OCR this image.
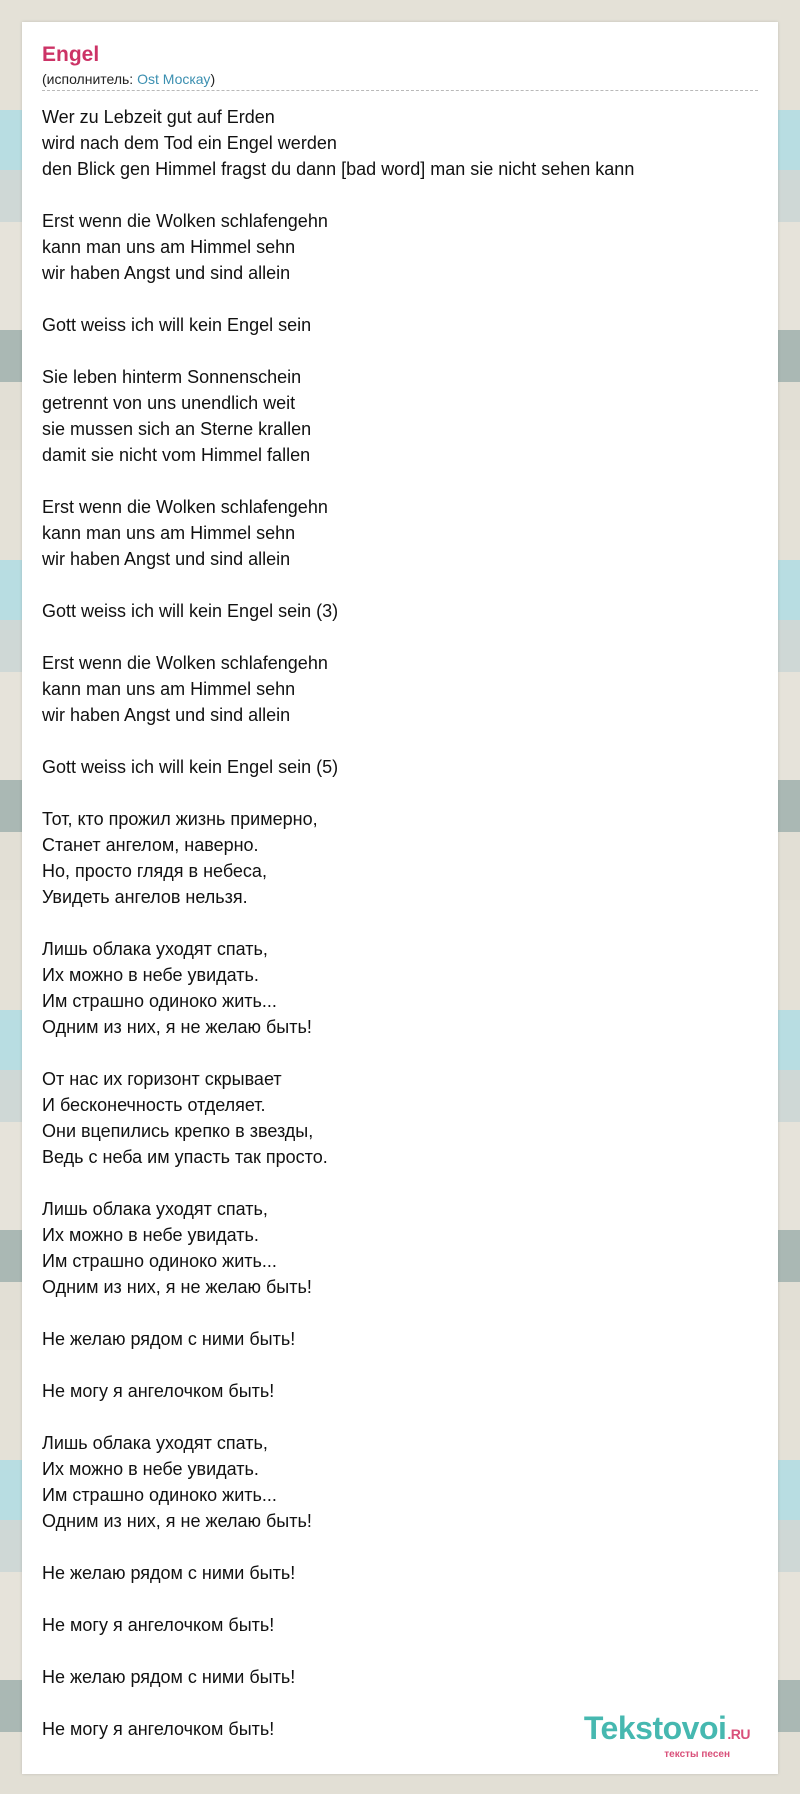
Engel
(исполнитель: Ost Москау)
Wer zu Lebzeit gut auf Erden
wird nach dem Tod ein Engel werden
den Blick gen Himmel fragst du dann [bad word] man sie nicht sehen kann

Erst wenn die Wolken schlafengehn
kann man uns am Himmel sehn
wir haben Angst und sind allein

Gott weiss ich will kein Engel sein

Sie leben hinterm Sonnenschein
getrennt von uns unendlich weit
sie mussen sich an Sterne krallen
damit sie nicht vom Himmel fallen

Erst wenn die Wolken schlafengehn
kann man uns am Himmel sehn
wir haben Angst und sind allein

Gott weiss ich will kein Engel sein (3)

Erst wenn die Wolken schlafengehn
kann man uns am Himmel sehn
wir haben Angst und sind allein

Gott weiss ich will kein Engel sein (5)

Тот, кто прожил жизнь примерно,
Станет ангелом, наверно.
Но, просто глядя в небеса,
Увидеть ангелов нельзя.

Лишь облака уходят спать,
Их можно в небе увидать.
Им страшно одиноко жить...
Одним из них, я не желаю быть!

От нас их горизонт скрывает
И бесконечность отделяет.
Они вцепились крепко в звезды,
Ведь с неба им упасть так просто.

Лишь облака уходят спать,
Их можно в небе увидать.
Им страшно одиноко жить...
Одним из них, я не желаю быть!

Не желаю рядом с ними быть!

Не могу я ангелочком быть!

Лишь облака уходят спать,
Их можно в небе увидать.
Им страшно одиноко жить...
Одним из них, я не желаю быть!

Не желаю рядом с ними быть!

Не могу я ангелочком быть!

Не желаю рядом с ними быть!

Не могу я ангелочком быть!	Tekstovoi.RU
тексты песен
